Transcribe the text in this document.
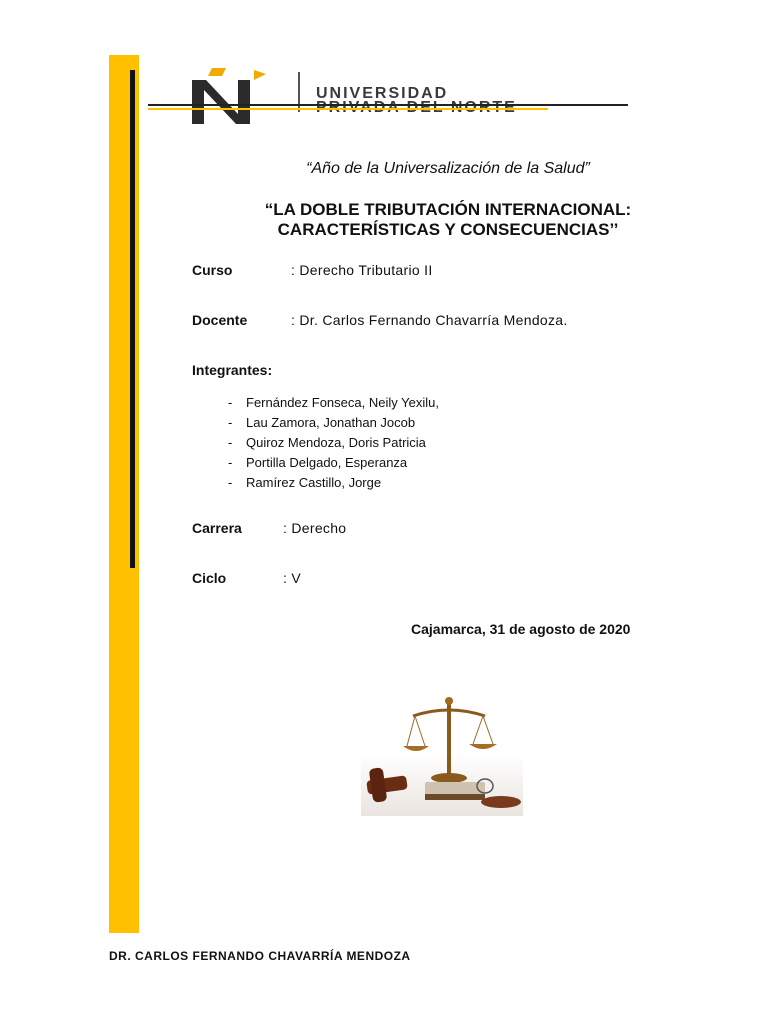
UNIVERSIDAD
“Año de la Universalización de la Salud”
“LA DOBLE TRIBUTACIÓN INTERNACIONAL:
CARACTERÍSTICAS Y CONSECUENCIAS’’
Curso	: Derecho Tributario II
Docente	: Dr. Carlos Fernando Chavarría Mendoza.
Integrantes:
- Fernández Fonseca, Neily Yexilu,
- Lau Zamora, Jonathan Jocob
- Quiroz Mendoza, Doris Patricia
- Portilla Delgado, Esperanza
- Ramírez Castillo, Jorge
Carrera	: Derecho
Ciclo	: V
Cajamarca, 31 de agosto de 2020
DR. CARLOS FERNANDO CHAVARRÍA MENDOZA
